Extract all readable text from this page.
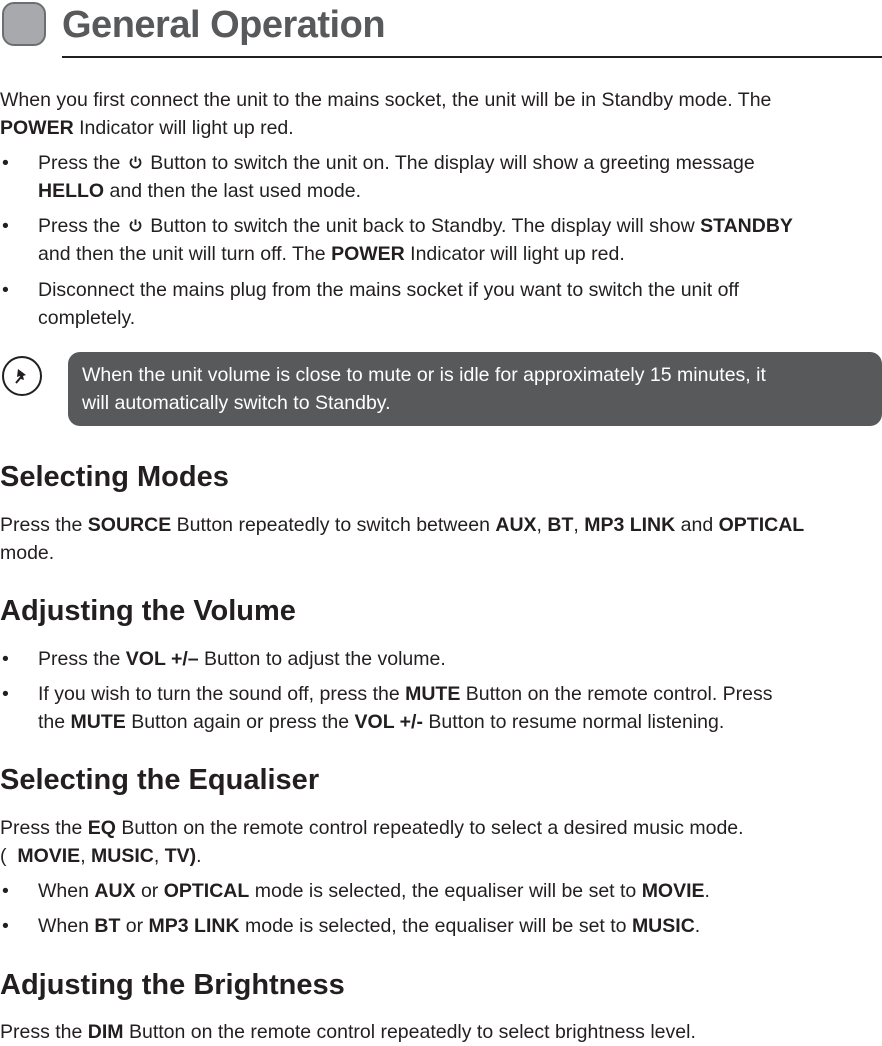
General Operation

When you first connect the unit to the mains socket, the unit will be in Standby mode. The
POWER Indicator will light up red.

• Press the  Button to switch the unit on. The display will show a greeting message
HELLO and then the last used mode.
• Press the  Button to switch the unit back to Standby. The display will show STANDBY
and then the unit will turn off. The POWER Indicator will light up red.
• Disconnect the mains plug from the mains socket if you want to switch the unit off
completely.
When the unit volume is close to mute or is idle for approximately 15 minutes, it
will automatically switch to Standby.
Selecting Modes

Press the SOURCE Button repeatedly to switch between AUX, BT, MP3 LINK and OPTICAL
mode.

Adjusting the Volume
• Press the VOL +/– Button to adjust the volume.
• If you wish to turn the sound off, press the MUTE Button on the remote control. Press
the MUTE Button again or press the VOL +/- Button to resume normal listening.
Selecting the Equaliser

Press the EQ Button on the remote control repeatedly to select a desired music mode.
(  MOVIE, MUSIC, TV).

• When AUX or OPTICAL mode is selected, the equaliser will be set to MOVIE.
• When BT or MP3 LINK mode is selected, the equaliser will be set to MUSIC.
Adjusting the Brightness

Press the DIM Button on the remote control repeatedly to select brightness level.
